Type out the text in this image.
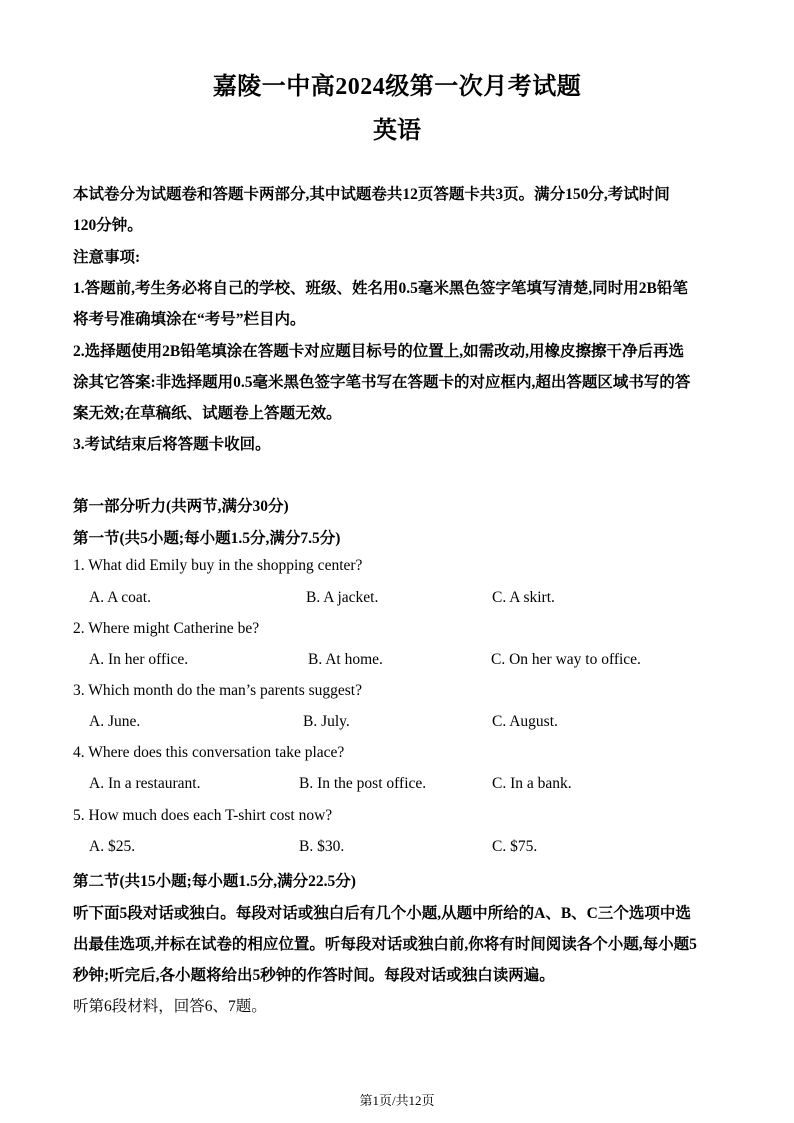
嘉陵一中高2024级第一次月考试题
英语
本试卷分为试题卷和答题卡两部分,其中试题卷共12页答题卡共3页。满分150分,考试时间
120分钟。
注意事项:
1.答题前,考生务必将自己的学校、班级、姓名用0.5毫米黑色签字笔填写清楚,同时用2B铅笔
将考号准确填涂在“考号”栏目内。
2.选择题使用2B铅笔填涂在答题卡对应题目标号的位置上,如需改动,用橡皮擦擦干净后再选
涂其它答案:非选择题用0.5毫米黑色签字笔书写在答题卡的对应框内,超出答题区域书写的答
案无效;在草稿纸、试题卷上答题无效。
3.考试结束后将答题卡收回。
第一部分听力(共两节,满分30分)
第一节(共5小题;每小题1.5分,满分7.5分)
1. What did Emily buy in the shopping center?
A. A coat.	B. A jacket.	C. A skirt.
2. Where might Catherine be?
A. In her office.	B. At home.	C. On her way to office.
3. Which month do the man’s parents suggest?
A. June.	B. July.	C. August.
4. Where does this conversation take place?
A. In a restaurant.	B. In the post office.	C. In a bank.
5. How much does each T-shirt cost now?
A. $25.	B. $30.	C. $75.
第二节(共15小题;每小题1.5分,满分22.5分)
听下面5段对话或独白。每段对话或独白后有几个小题,从题中所给的A、B、C三个选项中选
出最佳选项,并标在试卷的相应位置。听每段对话或独白前,你将有时间阅读各个小题,每小题5
秒钟;听完后,各小题将给出5秒钟的作答时间。每段对话或独白读两遍。
听第6段材料，回答6、7题。
第1页/共12页
